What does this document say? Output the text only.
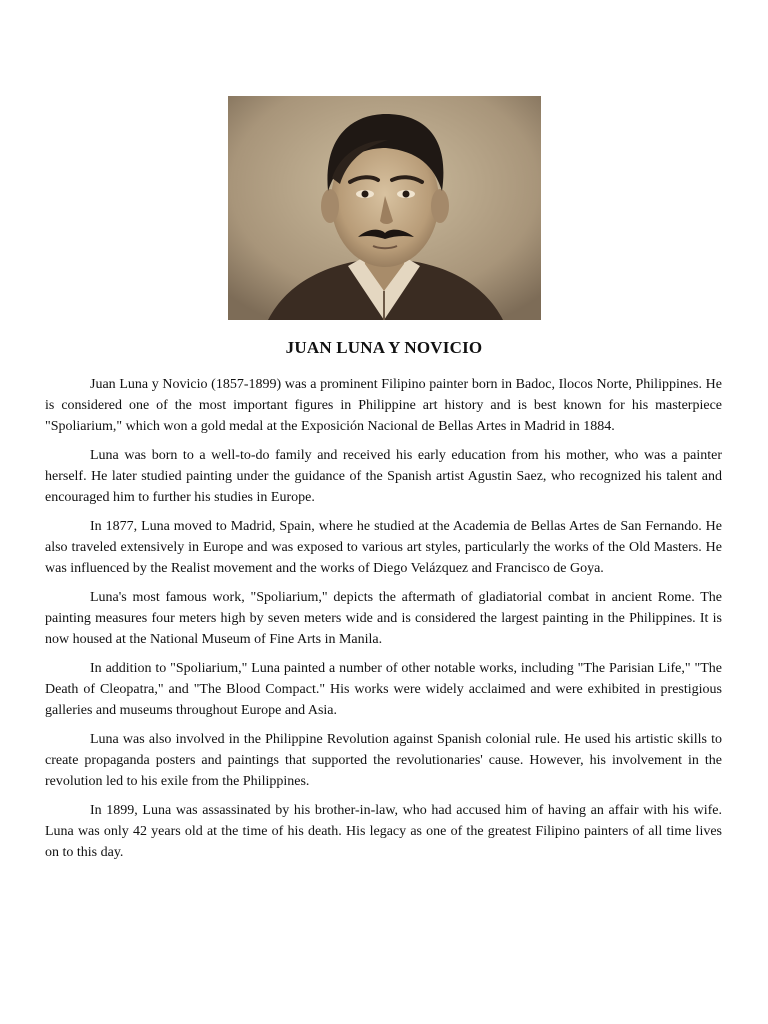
JUAN LUNA Y NOVICIO

Juan Luna y Novicio (1857-1899) was a prominent Filipino painter born in Badoc, Ilocos Norte, Philippines. He is considered one of the most important figures in Philippine art history and is best known for his masterpiece "Spoliarium," which won a gold medal at the Exposición Nacional de Bellas Artes in Madrid in 1884.

Luna was born to a well-to-do family and received his early education from his mother, who was a painter herself. He later studied painting under the guidance of the Spanish artist Agustin Saez, who recognized his talent and encouraged him to further his studies in Europe.

In 1877, Luna moved to Madrid, Spain, where he studied at the Academia de Bellas Artes de San Fernando. He also traveled extensively in Europe and was exposed to various art styles, particularly the works of the Old Masters. He was influenced by the Realist movement and the works of Diego Velázquez and Francisco de Goya.

Luna's most famous work, "Spoliarium," depicts the aftermath of gladiatorial combat in ancient Rome. The painting measures four meters high by seven meters wide and is considered the largest painting in the Philippines. It is now housed at the National Museum of Fine Arts in Manila.

In addition to "Spoliarium," Luna painted a number of other notable works, including "The Parisian Life," "The Death of Cleopatra," and "The Blood Compact." His works were widely acclaimed and were exhibited in prestigious galleries and museums throughout Europe and Asia.

Luna was also involved in the Philippine Revolution against Spanish colonial rule. He used his artistic skills to create propaganda posters and paintings that supported the revolutionaries' cause. However, his involvement in the revolution led to his exile from the Philippines.

In 1899, Luna was assassinated by his brother-in-law, who had accused him of having an affair with his wife. Luna was only 42 years old at the time of his death. His legacy as one of the greatest Filipino painters of all time lives on to this day.
